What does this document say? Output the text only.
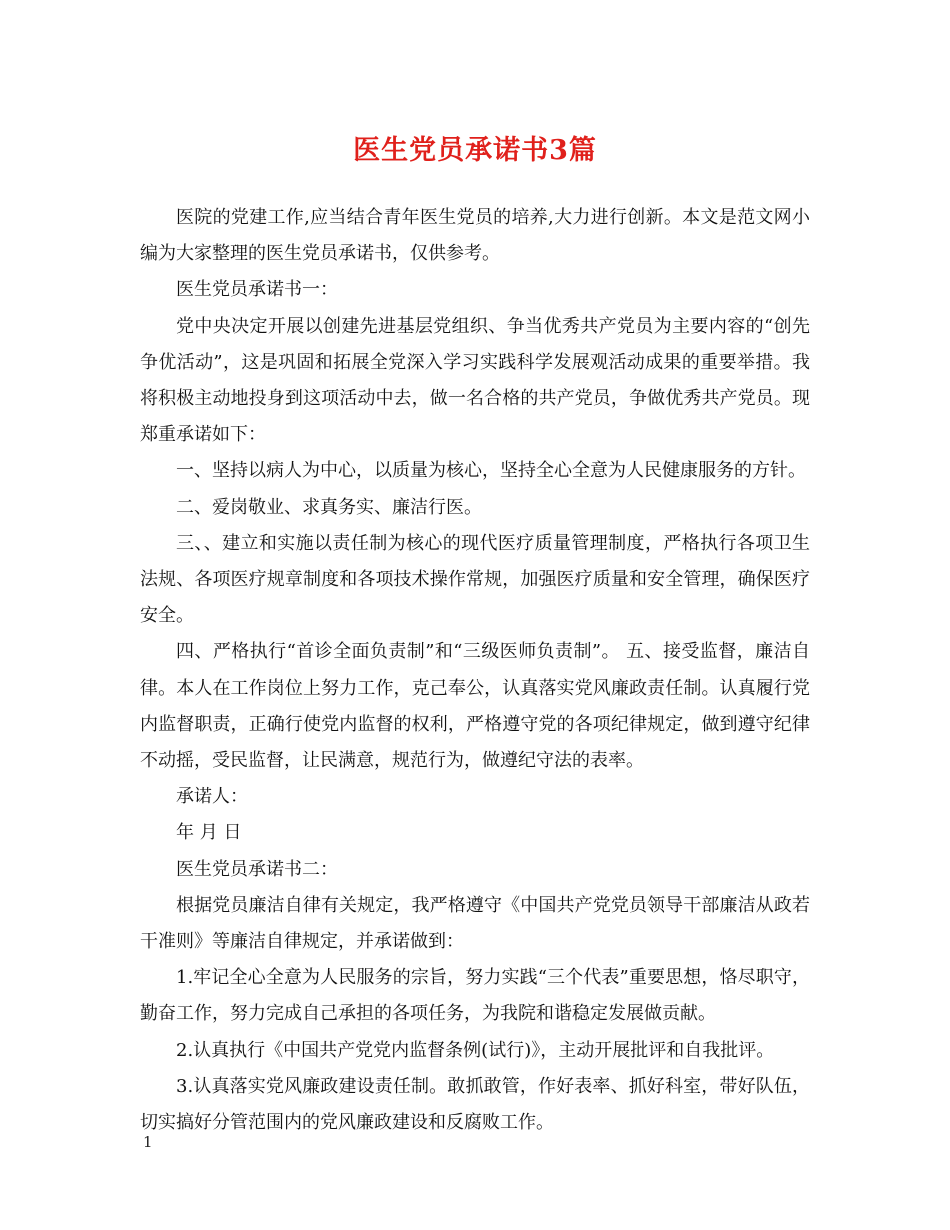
医生党员承诺书3篇

医院的党建工作,应当结合青年医生党员的培养,大力进行创新。本文是范文网小编为大家整理的医生党员承诺书，仅供参考。

医生党员承诺书一：

党中央决定开展以创建先进基层党组织、争当优秀共产党员为主要内容的“创先争优活动”，这是巩固和拓展全党深入学习实践科学发展观活动成果的重要举措。我将积极主动地投身到这项活动中去，做一名合格的共产党员，争做优秀共产党员。现郑重承诺如下：

一、坚持以病人为中心，以质量为核心，坚持全心全意为人民健康服务的方针。

二、爱岗敬业、求真务实、廉洁行医。

三、、建立和实施以责任制为核心的现代医疗质量管理制度，严格执行各项卫生法规、各项医疗规章制度和各项技术操作常规，加强医疗质量和安全管理，确保医疗安全。

四、严格执行“首诊全面负责制”和“三级医师负责制”。 五、接受监督，廉洁自律。本人在工作岗位上努力工作，克己奉公，认真落实党风廉政责任制。认真履行党内监督职责，正确行使党内监督的权利，严格遵守党的各项纪律规定，做到遵守纪律不动摇，受民监督，让民满意，规范行为，做遵纪守法的表率。

承诺人：

年 月 日

医生党员承诺书二：

根据党员廉洁自律有关规定，我严格遵守《中国共产党党员领导干部廉洁从政若干准则》等廉洁自律规定，并承诺做到：

1.牢记全心全意为人民服务的宗旨，努力实践“三个代表”重要思想，恪尽职守，勤奋工作，努力完成自己承担的各项任务，为我院和谐稳定发展做贡献。

2.认真执行《中国共产党党内监督条例(试行)》，主动开展批评和自我批评。

3.认真落实党风廉政建设责任制。敢抓敢管，作好表率、抓好科室，带好队伍，切实搞好分管范围内的党风廉政建设和反腐败工作。

1
